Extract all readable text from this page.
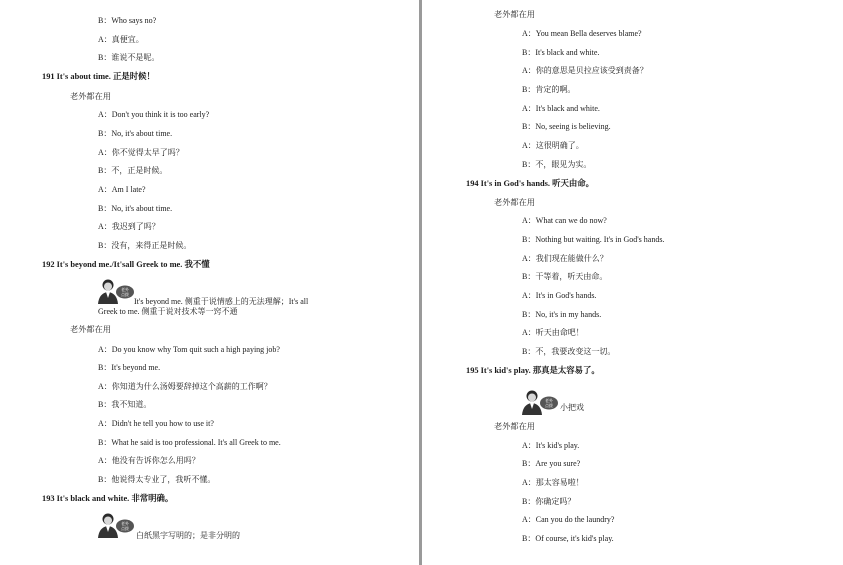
B：Who says no?
A：真便宜。
B：谁说不是呢。
191 It's about time. 正是时候！
老外都在用
A：Don't you think it is too early?
B：No, it's about time.
A：你不觉得太早了吗？
B：不，正是时候。
A：Am I late?
B：No, it's about time.
A：我迟到了吗？
B：没有，来得正是时候。
192 It's beyond me./It'sall Greek to me. 我不懂
老外都在用
A：Do you know why Tom quit such a high paying job?
B：It's beyond me.
A：你知道为什么汤姆要辞掉这个高薪的工作啊？
B：我不知道。
A：Didn't he tell you how to use it?
B：What he said is too professional. It's all Greek to me.
A：他没有告诉你怎么用吗？
B：他说得太专业了，我听不懂。
193 It's black and white. 非常明确。
老外都在用
A：You mean Bella deserves blame?
B：It's black and white.
A：你的意思是贝拉应该受到责备？
B：肯定的啊。
A：It's black and white.
B：No, seeing is believing.
A：这很明确了。
B：不，眼见为实。
194 It's in God's hands. 听天由命。
老外都在用
A：What can we do now?
B：Nothing but waiting. It's in God's hands.
A：我们现在能做什么？
B：干等着，听天由命。
A：It's in God's hands.
B：No, it's in my hands.
A：听天由命吧！
B：不，我要改变这一切。
195 It's kid's play. 那真是太容易了。
老外都在用
A：It's kid's play.
B：Are you sure?
A：那太容易啦！
B：你确定吗？
A：Can you do the laundry?
B：Of course, it's kid's play.
老外
点拨
It's beyond me. 侧重于说情感上的无法理解；It's all
Greek to me. 侧重于说对技术等一窍不通
老外
点拨
白纸黑字写明的；是非分明的
老外
点拨 小把戏
